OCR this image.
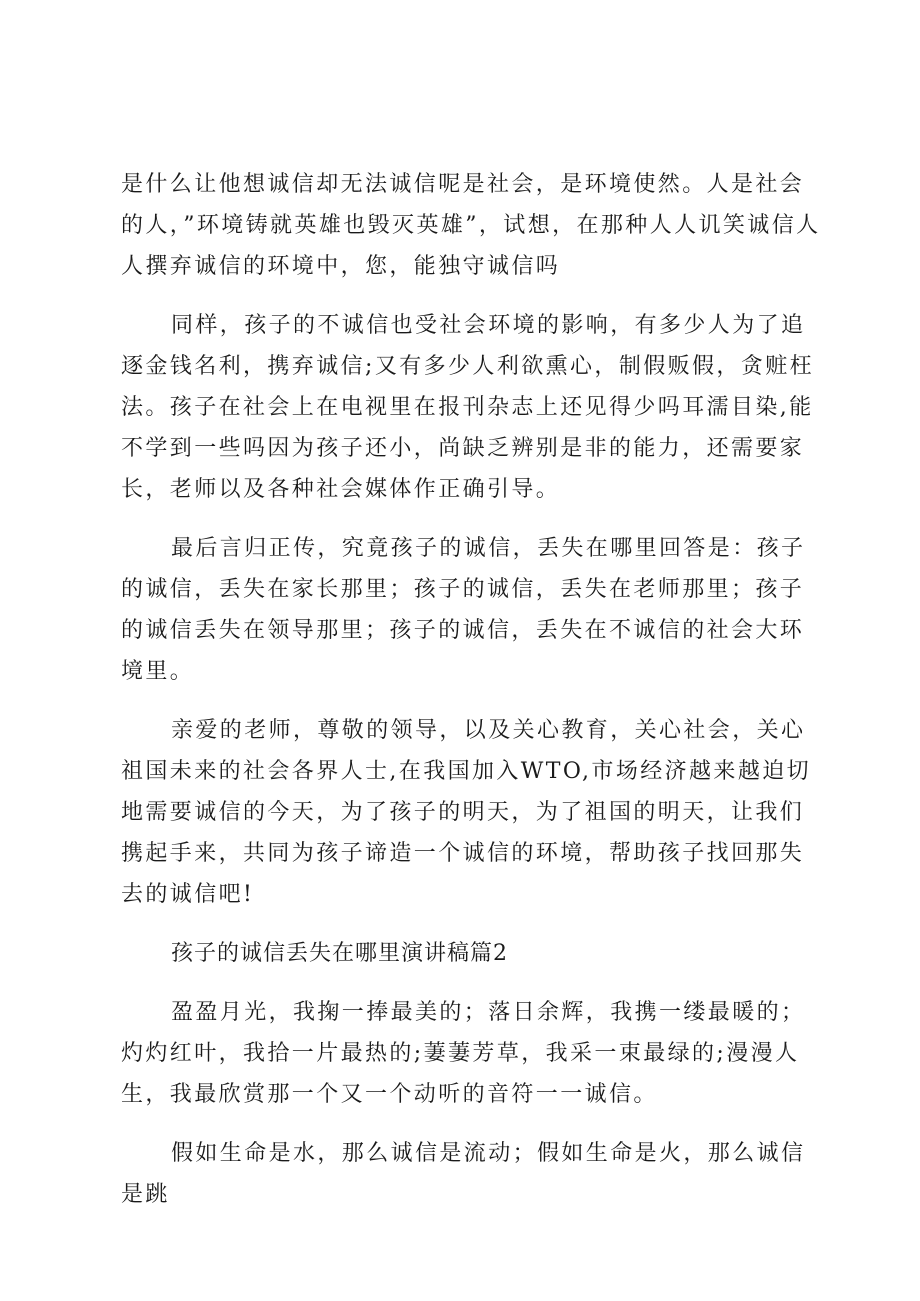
是什么让他想诚信却无法诚信呢是社会，是环境使然。人是社会的人，”环境铸就英雄也毁灭英雄”，试想，在那种人人讥笑诚信人人撰弃诚信的环境中，您，能独守诚信吗

同样，孩子的不诚信也受社会环境的影响，有多少人为了追逐金钱名利，携弃诚信;又有多少人利欲熏心，制假贩假，贪赃枉法。孩子在社会上在电视里在报刊杂志上还见得少吗耳濡目染,能不学到一些吗因为孩子还小，尚缺乏辨别是非的能力，还需要家长，老师以及各种社会媒体作正确引导。

最后言归正传，究竟孩子的诚信，丢失在哪里回答是：孩子的诚信，丢失在家长那里；孩子的诚信，丢失在老师那里；孩子的诚信丢失在领导那里；孩子的诚信，丢失在不诚信的社会大环境里。

亲爱的老师，尊敬的领导，以及关心教育，关心社会，关心祖国未来的社会各界人士,在我国加入WTO,市场经济越来越迫切地需要诚信的今天，为了孩子的明天，为了祖国的明天，让我们携起手来，共同为孩子谛造一个诚信的环境，帮助孩子找回那失去的诚信吧!

孩子的诚信丢失在哪里演讲稿篇2

盈盈月光，我掬一捧最美的；落日余辉，我携一缕最暖的；灼灼红叶，我拾一片最热的;萋萋芳草，我采一束最绿的;漫漫人生，我最欣赏那一个又一个动听的音符一一诚信。

假如生命是水，那么诚信是流动；假如生命是火，那么诚信是跳
